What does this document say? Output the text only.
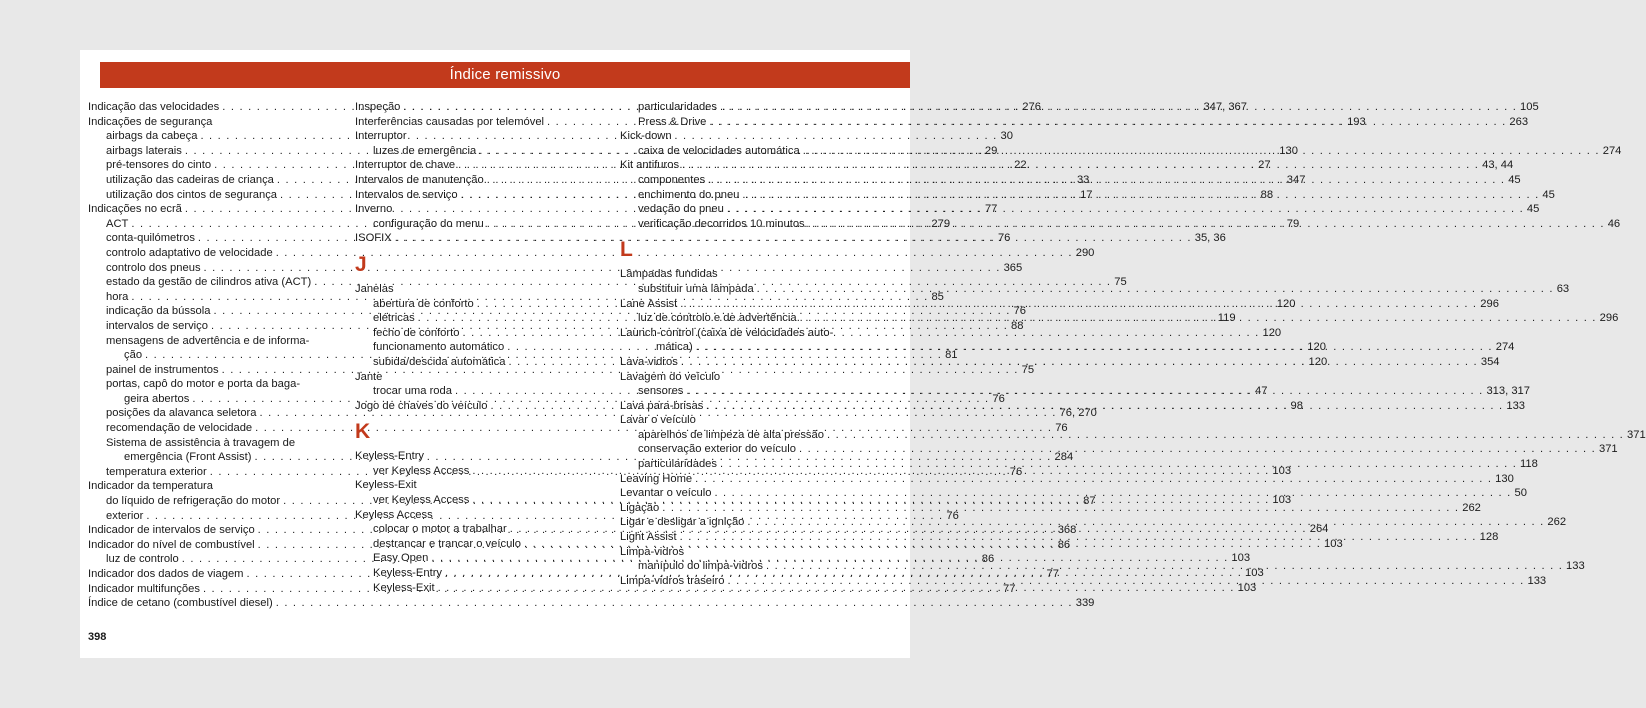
Índice remissivo
Indicação das velocidades . . .	276
Indicações de segurança
airbags da cabeça . . .	30
airbags laterais . . .	29
pré-tensores do cinto . . .	22
utilização das cadeiras de criança . . .	33
utilização dos cintos de segurança . . .	17
Indicações no ecrã . . .	77
ACT . . .	279
conta-quilómetros . . .	76
controlo adaptativo de velocidade . . .	290
controlo dos pneus . . .	365
estado da gestão de cilindros ativa (ACT) . . .	75
hora . . .	85
indicação da bússola . . .	76
intervalos de serviço . . .	88
mensagens de advertência e de informa-
ção . . .	81
painel de instrumentos . . .	75
portas, capô do motor e porta da baga-
geira abertos . . .	76
posições da alavanca seletora . . .	76, 270
recomendação de velocidade . . .	76
Sistema de assistência à travagem de
emergência (Front Assist) . . .	284
temperatura exterior . . .	76
Indicador da temperatura
do líquido de refrigeração do motor . . .	87
exterior . . .	76
Indicador de intervalos de serviço . . .	368
Indicador do nível de combustível . . .	86
luz de controlo . . .	86
Indicador dos dados de viagem . . .	77
Indicador multifunções . . .	77
Índice de cetano (combustível diesel) . . .	339
Inspeção . . .	347, 367
Interferências causadas por telemóvel . . .	193
Interruptor
luzes de emergência . . .	130
Interruptor de chave . . .	27
Intervalos de manutenção . . .	347
Intervalos de serviço . . .	88
Inverno
configuração do menu . . .	79
ISOFIX . . .	35, 36
J
Janelas
abertura de conforto . . .	120
elétricas . . .	119
fecho de conforto . . .	120
funcionamento automático . . .	120
subida/descida automática . . .	120
Jante
trocar uma roda . . .	47
Jogo de chaves do veículo . . .	98
K
Keyless-Entry
ver Keyless Access . . .	103
Keyless-Exit
ver Keyless Access . . .	103
Keyless Access
colocar o motor a trabalhar . . .	264
destrancar e trancar o veículo . . .	103
Easy Open . . .	103
Keyless-Entry . . .	103
Keyless-Exit . . .	103
particularidades . . .	105
Press & Drive . . .	263
Kick-down
caixa de velocidades automática . . .	274
Kit antifuros . . .	43, 44
componentes . . .	45
enchimento do pneu . . .	45
vedação do pneu . . .	45
verificação decorridos 10 minutos . . .	46
L
Lâmpadas fundidas
substituir uma lâmpada . . .	63
Lane Assist . . .	296
luz de controlo e de advertência . . .	296
Launch-control (caixa de velocidades auto-
mática) . . .	274
Lava-vidros . . .	354
Lavagem do veículo
sensores . . .	313, 317
Lava para-brisas . . .	133
Lavar o veículo
aparelhos de limpeza de alta pressão . . .	371
conservação exterior do veículo . . .	371
particularidades . . .	118
Leaving Home . . .	130
Levantar o veículo . . .	50
Ligação . . .	262
Ligar e desligar a ignição . . .	262
Light Assist . . .	128
Limpa-vidros
manípulo do limpa-vidros . . .	133
Limpa-vidros traseiro . . .	133
398
